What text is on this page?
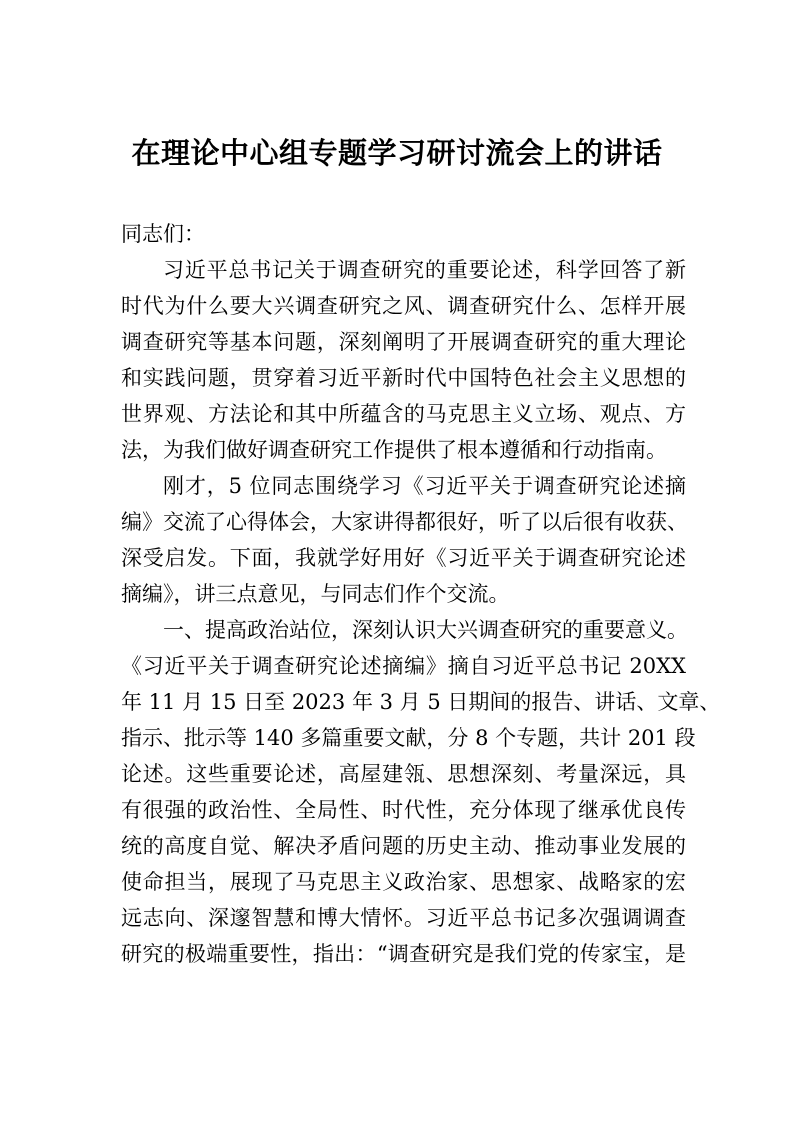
在理论中心组专题学习研讨流会上的讲话
同志们：
习近平总书记关于调查研究的重要论述，科学回答了新
时代为什么要大兴调查研究之风、调查研究什么、怎样开展
调查研究等基本问题，深刻阐明了开展调查研究的重大理论
和实践问题，贯穿着习近平新时代中国特色社会主义思想的
世界观、方法论和其中所蕴含的马克思主义立场、观点、方
法，为我们做好调查研究工作提供了根本遵循和行动指南。
刚才，5 位同志围绕学习《习近平关于调查研究论述摘
编》交流了心得体会，大家讲得都很好，听了以后很有收获、
深受启发。下面，我就学好用好《习近平关于调查研究论述
摘编》，讲三点意见，与同志们作个交流。
一、提高政治站位，深刻认识大兴调查研究的重要意义。
《习近平关于调查研究论述摘编》摘自习近平总书记 20XX
年 11 月 15 日至 2023 年 3 月 5 日期间的报告、讲话、文章、
指示、批示等 140 多篇重要文献，分 8 个专题，共计 201 段
论述。这些重要论述，高屋建瓴、思想深刻、考量深远，具
有很强的政治性、全局性、时代性，充分体现了继承优良传
统的高度自觉、解决矛盾问题的历史主动、推动事业发展的
使命担当，展现了马克思主义政治家、思想家、战略家的宏
远志向、深邃智慧和博大情怀。习近平总书记多次强调调查
研究的极端重要性，指出：“调查研究是我们党的传家宝，是
